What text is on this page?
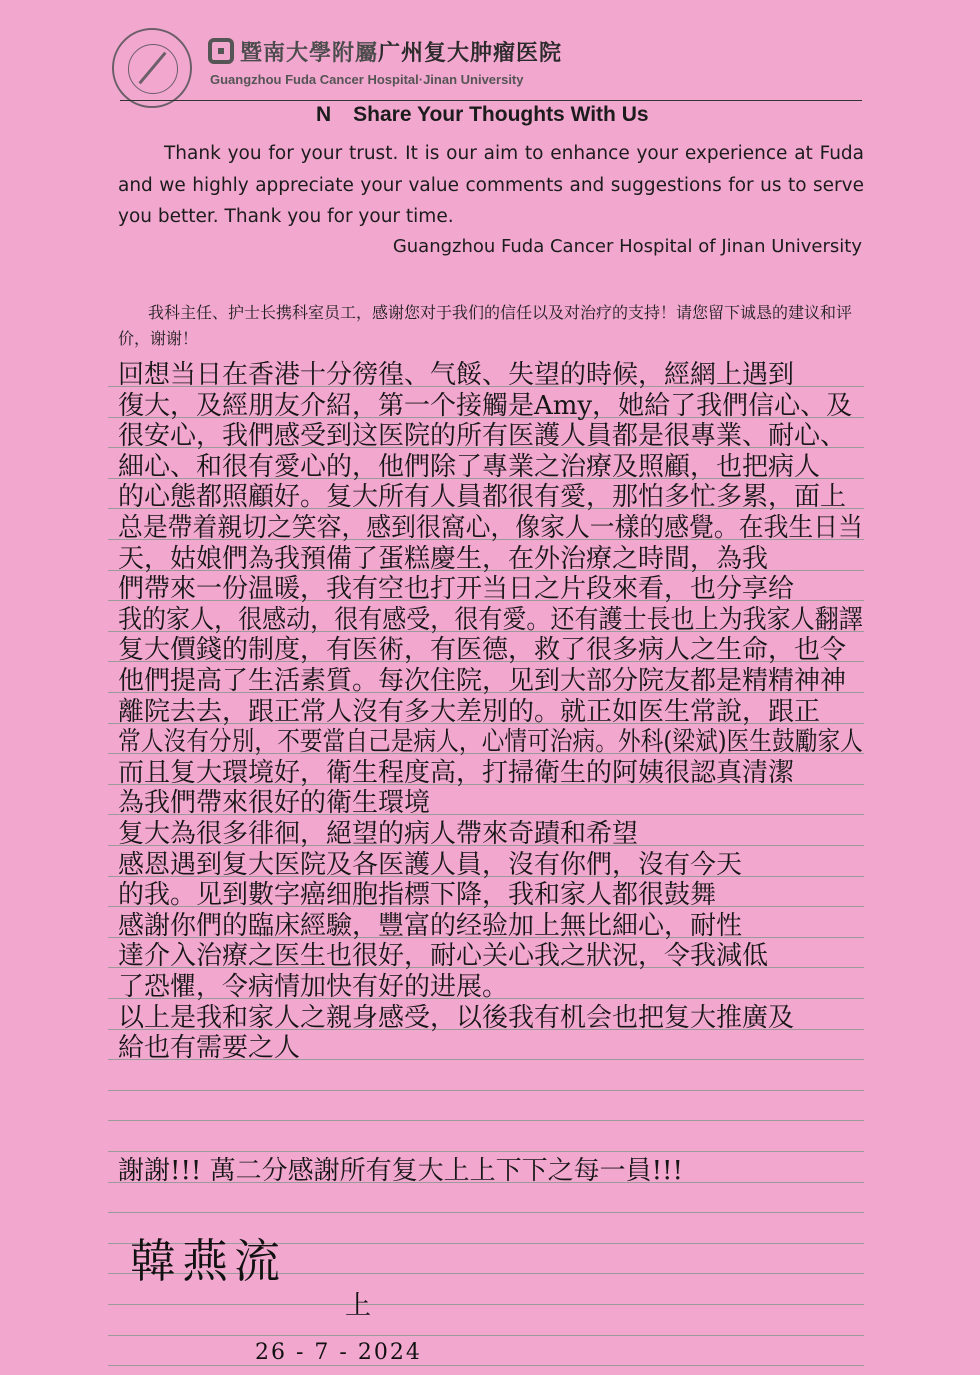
暨南大學附屬广州复大肿瘤医院
Guangzhou Fuda Cancer Hospital·Jinan University
N Share Your Thoughts With Us
Thank you for your trust. It is our aim to enhance your experience at Fuda and we highly appreciate your value comments and suggestions for us to serve you better. Thank you for your time.
Guangzhou Fuda Cancer Hospital of Jinan University
我科主任、护士长携科室员工，感谢您对于我们的信任以及对治疗的支持！请您留下诚恳的建议和评价，谢谢！
回想当日在香港十分徬徨、气餒、失望的時候，經網上遇到
復大，及經朋友介紹，第一个接觸是Amy，她給了我們信心、及
很安心，我們感受到这医院的所有医護人員都是很專業、耐心、
細心、和很有愛心的，他們除了專業之治療及照顧，也把病人
的心態都照顧好。复大所有人員都很有愛，那怕多忙多累，面上
总是帶着親切之笑容，感到很窩心，像家人一樣的感覺。在我生日当
天，姑娘們為我預備了蛋糕慶生，在外治療之時間，為我
們帶來一份温暖，我有空也打开当日之片段來看，也分享给
我的家人，很感动，很有感受，很有愛。还有護士長也上为我家人翻譯
复大價錢的制度，有医術，有医德，救了很多病人之生命，也令
他們提高了生活素質。每次住院，见到大部分院友都是精精神神
離院去去，跟正常人沒有多大差別的。就正如医生常說，跟正
常人沒有分別，不要當自己是病人，心情可治病。外科(梁斌)医生鼓勵家人
而且复大環境好，衛生程度高，打掃衛生的阿姨很認真清潔
為我們帶來很好的衛生環境
复大為很多徘徊，絕望的病人帶來奇蹟和希望
感恩遇到复大医院及各医護人員，沒有你們，沒有今天
的我。见到數字癌细胞指標下降，我和家人都很鼓舞
感謝你們的臨床經驗，豐富的经验加上無比細心，耐性
達介入治療之医生也很好，耐心关心我之狀況，令我減低
了恐懼，令病情加快有好的进展。
以上是我和家人之親身感受，以後我有机会也把复大推廣及
給也有需要之人
謝謝!!! 萬二分感謝所有复大上上下下之每一員!!!
韓燕流
上
26 - 7 - 2024
